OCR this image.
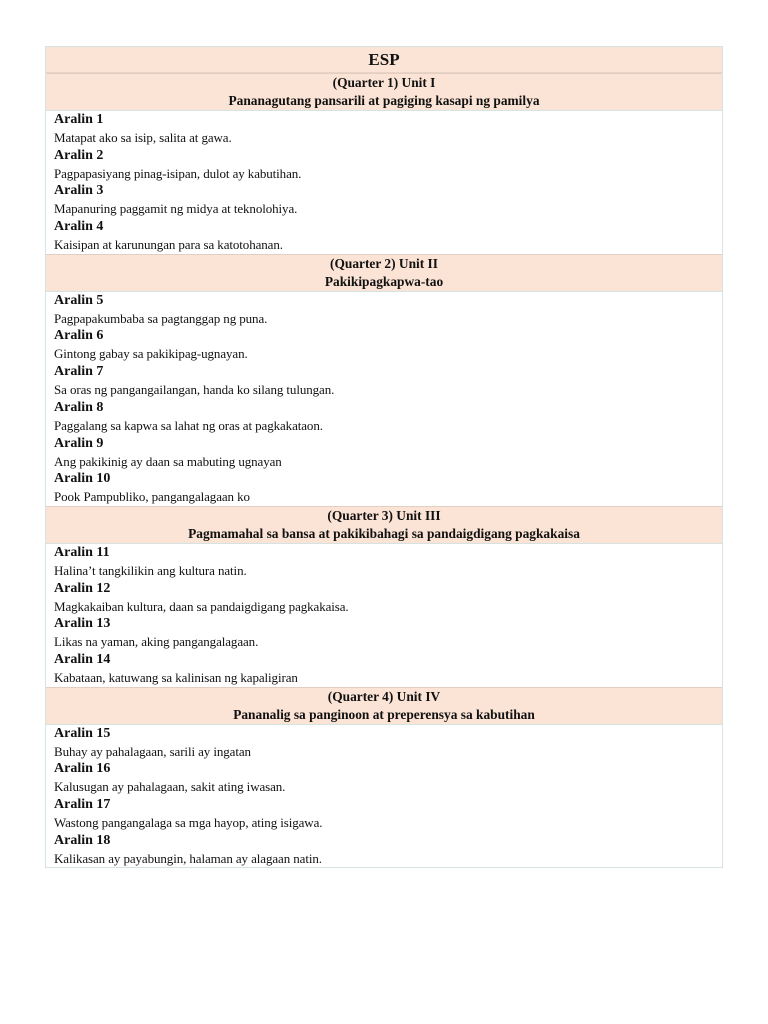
ESP
(Quarter 1) Unit I
Pananagutang pansarili at pagiging kasapi ng pamilya
Aralin 1
Matapat ako sa isip, salita at gawa.
Aralin 2
Pagpapasiyang pinag-isipan, dulot ay kabutihan.
Aralin 3
Mapanuring paggamit ng midya at teknolohiya.
Aralin 4
Kaisipan at karunungan para sa katotohanan.
(Quarter 2) Unit II
Pakikipagkapwa-tao
Aralin 5
Pagpapakumbaba sa pagtanggap ng puna.
Aralin 6
Gintong gabay sa pakikipag-ugnayan.
Aralin 7
Sa oras ng pangangailangan, handa ko silang tulungan.
Aralin 8
Paggalang sa kapwa sa lahat ng oras at pagkakataon.
Aralin 9
Ang pakikinig ay daan sa mabuting ugnayan
Aralin 10
Pook Pampubliko, pangangalagaan ko
(Quarter 3) Unit III
Pagmamahal sa bansa at pakikibahagi sa pandaigdigang pagkakaisa
Aralin 11
Halina’t tangkilikin ang kultura natin.
Aralin 12
Magkakaiban kultura, daan sa pandaigdigang pagkakaisa.
Aralin 13
Likas na yaman, aking pangangalagaan.
Aralin 14
Kabataan, katuwang sa kalinisan ng kapaligiran
(Quarter 4) Unit IV
Pananalig sa panginoon at preperensya sa kabutihan
Aralin 15
Buhay ay pahalagaan, sarili ay ingatan
Aralin 16
Kalusugan ay pahalagaan, sakit ating iwasan.
Aralin 17
Wastong pangangalaga sa mga hayop, ating isigawa.
Aralin 18
Kalikasan ay payabungin, halaman ay alagaan natin.
